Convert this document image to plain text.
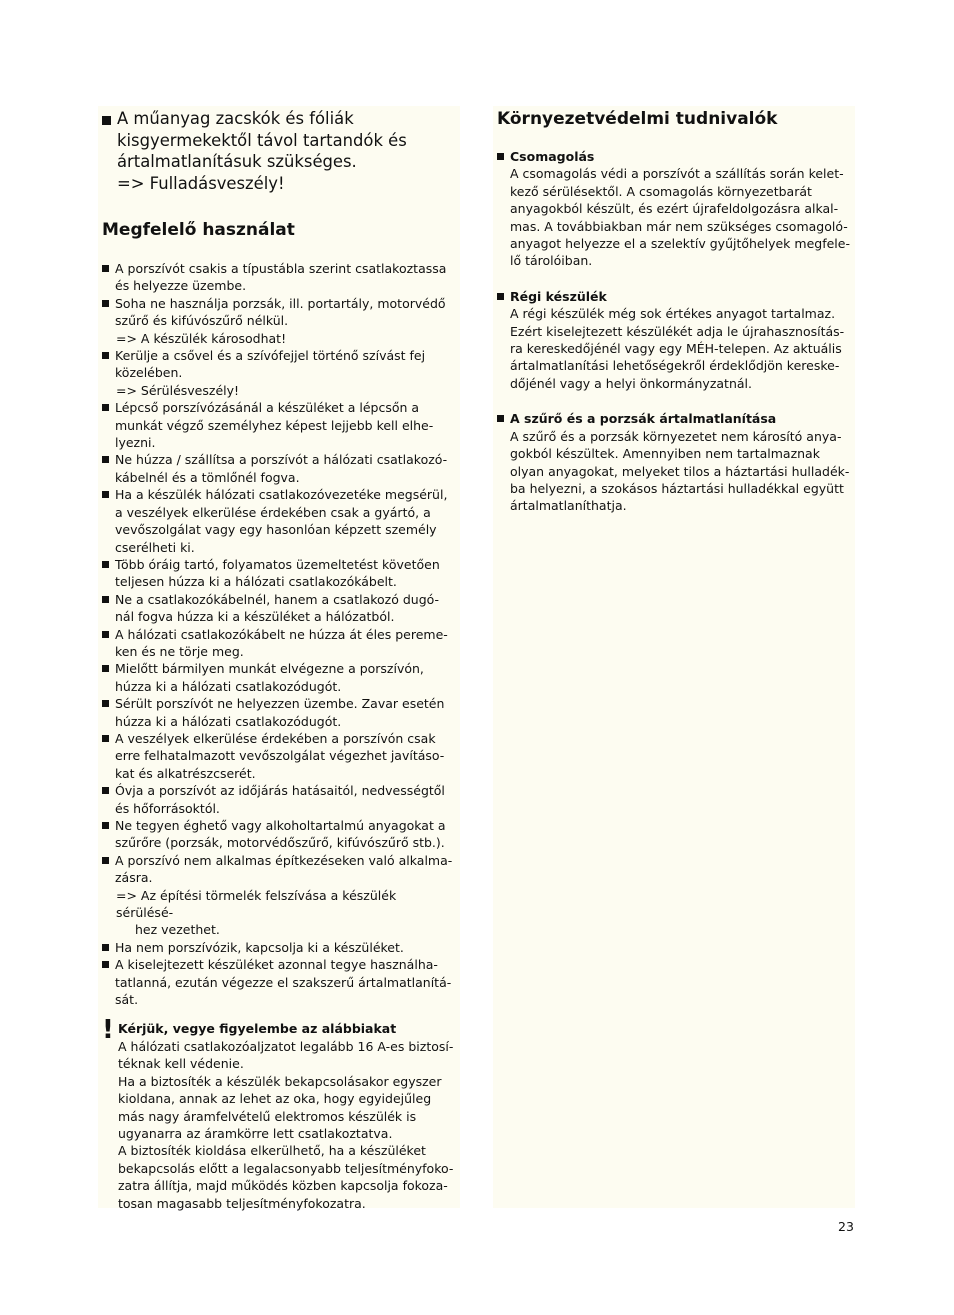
A műanyag zacskók és fóliák
kisgyermekektől távol tartandók és
ártalmatlanításuk szükséges.
=> Fulladásveszély!
Megfelelő használat
A porszívót csakis a típustábla szerint csatlakoztassa
és helyezze üzembe.
Soha ne használja porzsák, ill. portartály, motorvédő
szűrő és kifúvószűrő nélkül.
=> A készülék károsodhat!
Kerülje a csővel és a szívófejjel történő szívást fej
közelében.
=> Sérülésveszély!
Lépcső porszívózásánál a készüléket a lépcsőn a
munkát végző személyhez képest lejjebb kell elhe-
lyezni.
Ne húzza / szállítsa a porszívót a hálózati csatlakozó-
kábelnél és a tömlőnél fogva.
Ha a készülék hálózati csatlakozóvezetéke megsérül,
a veszélyek elkerülése érdekében csak a gyártó, a
vevőszolgálat vagy egy hasonlóan képzett személy
cserélheti ki.
Több óráig tartó, folyamatos üzemeltetést követően
teljesen húzza ki a hálózati csatlakozókábelt.
Ne a csatlakozókábelnél, hanem a csatlakozó dugó-
nál fogva húzza ki a készüléket a hálózatból.
A hálózati csatlakozókábelt ne húzza át éles pereme-
ken és ne törje meg.
Mielőtt bármilyen munkát elvégezne a porszívón,
húzza ki a hálózati csatlakozódugót.
Sérült porszívót ne helyezzen üzembe. Zavar esetén
húzza ki a hálózati csatlakozódugót.
A veszélyek elkerülése érdekében a porszívón csak
erre felhatalmazott vevőszolgálat végezhet javításo-
kat és alkatrészcserét.
Óvja a porszívót az időjárás hatásaitól, nedvességtől
és hőforrásoktól.
Ne tegyen éghető vagy alkoholtartalmú anyagokat a
szűrőre (porzsák, motorvédőszűrő, kifúvószűrő stb.).
A porszívó nem alkalmas építkezéseken való alkalma-
zásra.
=> Az építési törmelék felszívása a készülék sérülésé-
hez vezethet.
Ha nem porszívózik, kapcsolja ki a készüléket.
A kiselejtezett készüléket azonnal tegye használha-
tatlanná, ezután végezze el szakszerű ártalmatlanítá-
sát.
! Kérjük, vegye figyelembe az alábbiakat
A hálózati csatlakozóaljzatot legalább 16 A-es biztosí-
téknak kell védenie.
Ha a biztosíték a készülék bekapcsolásakor egyszer
kioldana, annak az lehet az oka, hogy egyidejűleg
más nagy áramfelvételű elektromos készülék is
ugyanarra az áramkörre lett csatlakoztatva.
A biztosíték kioldása elkerülhető, ha a készüléket
bekapcsolás előtt a legalacsonyabb teljesítményfoko-
zatra állítja, majd működés közben kapcsolja fokoza-
tosan magasabb teljesítményfokozatra.
Környezetvédelmi tudnivalók
Csomagolás
A csomagolás védi a porszívót a szállítás során kelet-
kező sérülésektől. A csomagolás környezetbarát
anyagokból készült, és ezért újrafeldolgozásra alkal-
mas. A továbbiakban már nem szükséges csomagoló-
anyagot helyezze el a szelektív gyűjtőhelyek megfele-
lő tárolóiban.
Régi készülék
A régi készülék még sok értékes anyagot tartalmaz.
Ezért kiselejtezett készülékét adja le újrahasznosítás-
ra kereskedőjénél vagy egy MÉH-telepen. Az aktuális
ártalmatlanítási lehetőségekről érdeklődjön kereske-
dőjénél vagy a helyi önkormányzatnál.
A szűrő és a porzsák ártalmatlanítása
A szűrő és a porzsák környezetet nem károsító anya-
gokból készültek. Amennyiben nem tartalmaznak
olyan anyagokat, melyeket tilos a háztartási hulladék-
ba helyezni, a szokásos háztartási hulladékkal együtt
ártalmatlaníthatja.
23
